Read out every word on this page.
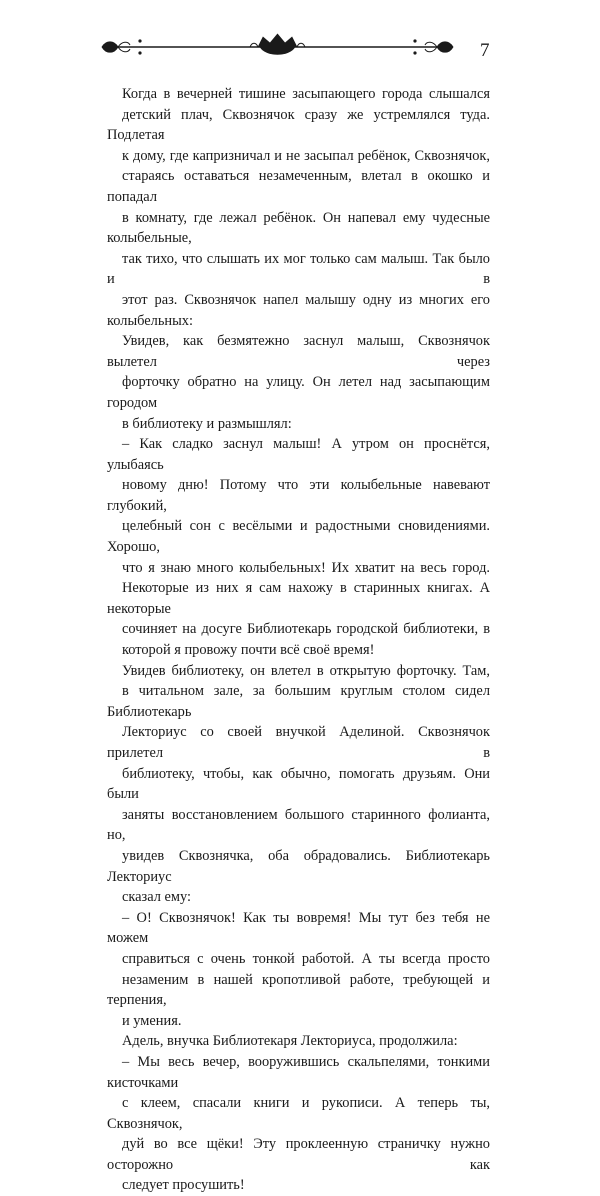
7

Когда в вечерней тишине засыпающего города слышался

детский плач, Сквознячок сразу же устремлялся туда. Подлетая

к дому, где капризничал и не засыпал ребёнок, Сквознячок,

стараясь оставаться незамеченным, влетал в окошко и попадал

в комнату, где лежал ребёнок. Он напевал ему чудесные колыбельные,

так тихо, что слышать их мог только сам малыш. Так было и в

этот раз. Сквознячок напел малышу одну из многих его колыбельных:

Увидев, как безмятежно заснул малыш, Сквознячок вылетел через

форточку обратно на улицу. Он летел над засыпающим городом

в библиотеку и размышлял:

– Как сладко заснул малыш! А утром он проснётся, улыбаясь

новому дню! Потому что эти колыбельные навевают глубокий,

целебный сон с весёлыми и радостными сновидениями. Хорошо,

что я знаю много колыбельных! Их хватит на весь город.

Некоторые из них я сам нахожу в старинных книгах. А некоторые

сочиняет на досуге Библиотекарь городской библиотеки, в

которой я провожу почти всё своё время!

Увидев библиотеку, он влетел в открытую форточку. Там,

в читальном зале, за большим круглым столом сидел Библиотекарь

Лекториус со своей внучкой Аделиной. Сквознячок прилетел в

библиотеку, чтобы, как обычно, помогать друзьям. Они были

заняты восстановлением большого старинного фолианта, но,

увидев Сквознячка, оба обрадовались. Библиотекарь Лекториус

сказал ему:

– О! Сквознячок! Как ты вовремя! Мы тут без тебя не можем

справиться с очень тонкой работой. А ты всегда просто

незаменим в нашей кропотливой работе, требующей и терпения,

и умения.

Адель, внучка Библиотекаря Лекториуса, продолжила:

– Мы весь вечер, вооружившись скальпелями, тонкими кисточками

с клеем, спасали книги и рукописи. А теперь ты, Сквознячок,

дуй во все щёки! Эту проклеенную страничку нужно осторожно как

следует просушить!
